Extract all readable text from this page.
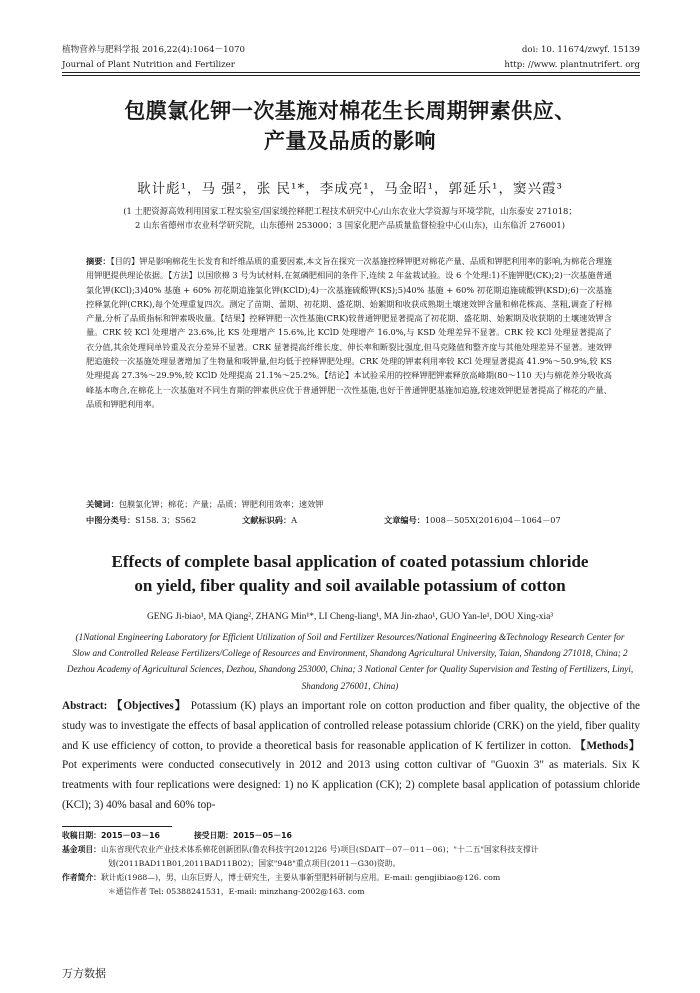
植物营养与肥料学报 2016,22(4):1064－1070	doi: 10. 11674/zwyf. 15139
Journal of Plant Nutrition and Fertilizer	http: //www. plantnutrifert. org
包膜氯化钾一次基施对棉花生长周期钾素供应、
产量及品质的影响
耿计彪¹，马 强²，张 民¹*，李成亮¹，马金昭¹，郭延乐¹，窦兴霞³
(1 土肥资源高效利用国家工程实验室/国家缓控释肥工程技术研究中心/山东农业大学资源与环境学院，山东泰安 271018；
2 山东省德州市农业科学研究院，山东德州 253000；3 国家化肥产品质量监督检验中心(山东)，山东临沂 276001)

摘要：【目的】钾是影响棉花生长发育和纤维品质的重要因素,本文旨在探究一次基施控释钾肥对棉花产量、品质和钾肥利用率的影响,为棉花合理施用钾肥提供理论依据。【方法】以国欣棉 3 号为试材料,在氮磷肥相同的条件下,连续 2 年盆栽试验。设 6 个处理:1)不施钾肥(CK);2)一次基施普通氯化钾(KCl);3)40% 基施 + 60% 初花期追施氯化钾(KClD);4)一次基施硫酸钾(KS);5)40% 基施 + 60% 初花期追施硫酸钾(KSD);6)一次基施控释氯化钾(CRK),每个处理重复四次。测定了苗期、蕾期、初花期、盛花期、始絮期和收获成熟期土壤速效钾含量和棉花株高、茎粗,调查了籽棉产量,分析了品质指标和钾素吸收量。【结果】控释钾肥一次性基施(CRK)较普通钾肥显著提高了初花期、盛花期、始絮期及收获期的土壤速效钾含量。CRK 较 KCl 处理增产 23.6%,比 KS 处理增产 15.6%,比 KClD 处理增产 16.0%,与 KSD 处理差异不显著。CRK 较 KCl 处理显著提高了衣分值,其余处理间单铃重及衣分差异不显著。CRK 显著提高纤维长度、伸长率和断裂比强度,但马克隆值和整齐度与其他处理差异不显著。速效钾肥追施较一次基施处理显著增加了生物量和吸钾量,但均低于控释钾肥处理。CRK 处理的钾素利用率较 KCl 处理显著提高 41.9%～50.9%,较 KS 处理提高 27.3%～29.9%,较 KClD 处理提高 21.1%～25.2%。【结论】本试验采用的控释钾肥钾素释放高峰期(80～110 天)与棉花养分吸收高峰基本吻合,在棉花上一次基施对不同生育期的钾素供应优于普通钾肥一次性基施,也好于普通钾肥基施加追施,较速效钾肥显著提高了棉花的产量、品质和钾肥利用率。

关键词：包膜氯化钾；棉花；产量；品质；钾肥利用效率；速效钾
中图分类号：S158. 3；S562	文献标识码：A	文章编号：1008－505X(2016)04－1064－07
Effects of complete basal application of coated potassium chloride
on yield, fiber quality and soil available potassium of cotton
GENG Ji-biao¹, MA Qiang², ZHANG Min¹*, LI Cheng-liang¹, MA Jin-zhao¹, GUO Yan-le¹, DOU Xing-xia³
(1National Engineering Laboratory for Efficient Utilization of Soil and Fertilizer Resources/National Engineering &Technology Research Center for Slow and Controlled Release Fertilizers/College of Resources and Environment, Shandong Agricultural University, Taian, Shandong 271018, China; 2 Dezhou Academy of Agricultural Sciences, Dezhou, Shandong 253000, China; 3 National Center for Quality Supervision and Testing of Fertilizers, Linyi, Shandong 276001, China)

Abstract: 【Objectives】 Potassium (K) plays an important role on cotton production and fiber quality, the objective of the study was to investigate the effects of basal application of controlled release potassium chloride (CRK) on the yield, fiber quality and K use efficiency of cotton, to provide a theoretical basis for reasonable application of K fertilizer in cotton. 【Methods】 Pot experiments were conducted consecutively in 2012 and 2013 using cotton cultivar of "Guoxin 3" as materials. Six K treatments with four replications were designed: 1) no K application (CK); 2) complete basal application of potassium chloride (KCl); 3) 40% basal and 60% top-

收稿日期：2015－03－16	接受日期：2015－05－16

基金项目：山东省现代农业产业技术体系棉花创新团队(鲁农科技字[2012]26 号)项目(SDAIT－07－011－06)；"十二五"国家科技支撑计

划(2011BAD11B01,2011BAD11B02)；国家"948"重点项目(2011－G30)资助。

作者简介：耿计彪(1988—)，男，山东巨野人，博士研究生，主要从事新型肥料研制与应用。E-mail: gengjibiao@126. com

＊通信作者 Tel: 05388241531，E-mail: minzhang-2002@163. com

万方数据
